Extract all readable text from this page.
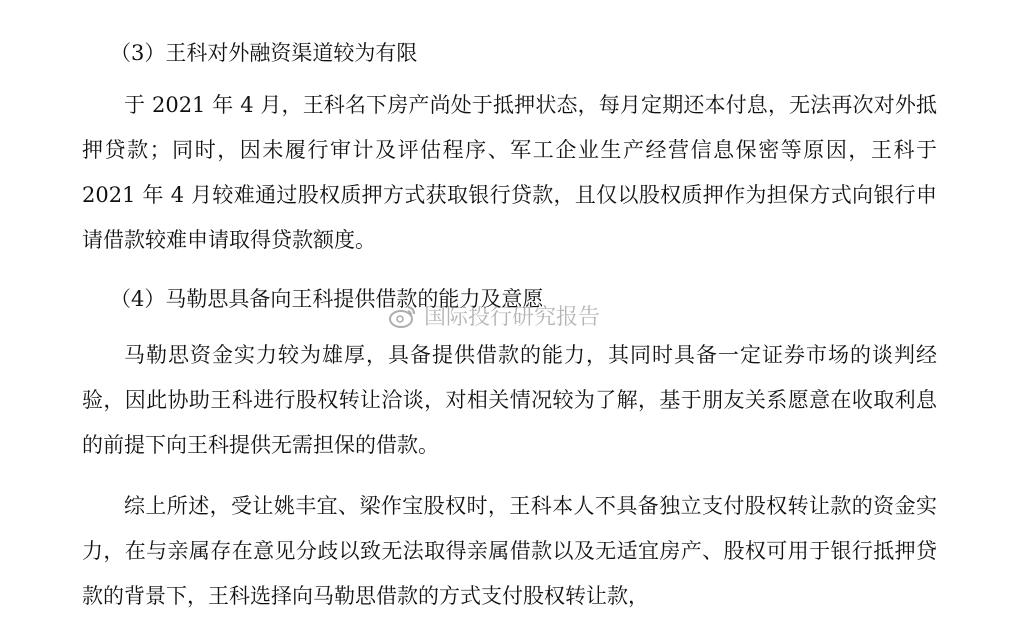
（3）王科对外融资渠道较为有限
于 2021 年 4 月，王科名下房产尚处于抵押状态，每月定期还本付息，无法再次对外抵押贷款；同时，因未履行审计及评估程序、军工企业生产经营信息保密等原因，王科于 2021 年 4 月较难通过股权质押方式获取银行贷款，且仅以股权质押作为担保方式向银行申请借款较难申请取得贷款额度。
（4）马勒思具备向王科提供借款的能力及意愿
马勒思资金实力较为雄厚，具备提供借款的能力，其同时具备一定证券市场的谈判经验，因此协助王科进行股权转让洽谈，对相关情况较为了解，基于朋友关系愿意在收取利息的前提下向王科提供无需担保的借款。
综上所述，受让姚丰宜、梁作宝股权时，王科本人不具备独立支付股权转让款的资金实力，在与亲属存在意见分歧以致无法取得亲属借款以及无适宜房产、股权可用于银行抵押贷款的背景下，王科选择向马勒思借款的方式支付股权转让款，
国际投行研究报告
